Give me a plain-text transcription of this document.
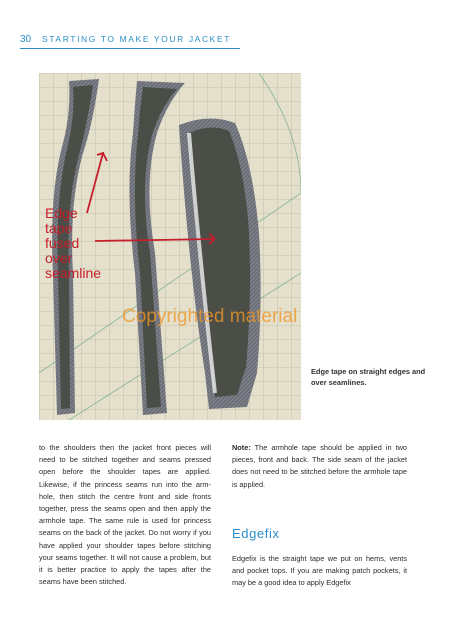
30 STARTING TO MAKE YOUR JACKET
Edge
tape
fused
over
seamline
Edge tape on straight edges and over seamlines.
Copyrighted material

to the shoulders then the jacket front pieces will need to be stitched together and seams pressed open before the shoulder tapes are applied. Likewise, if the princess seams run into the arm-hole, then stitch the centre front and side fronts together, press the seams open and then apply the armhole tape. The same rule is used for princess seams on the back of the jacket. Do not worry if you have applied your shoulder tapes before stitching your seams together. It will not cause a problem, but it is better practice to apply the tapes after the seams have been stitched.

Note: The armhole tape should be applied in two pieces, front and back. The side seam of the jacket does not need to be stitched before the armhole tape is applied.

Edgefix

Edgefix is the straight tape we put on hems, vents and pocket tops. If you are making patch pockets, it may be a good idea to apply Edgefix
